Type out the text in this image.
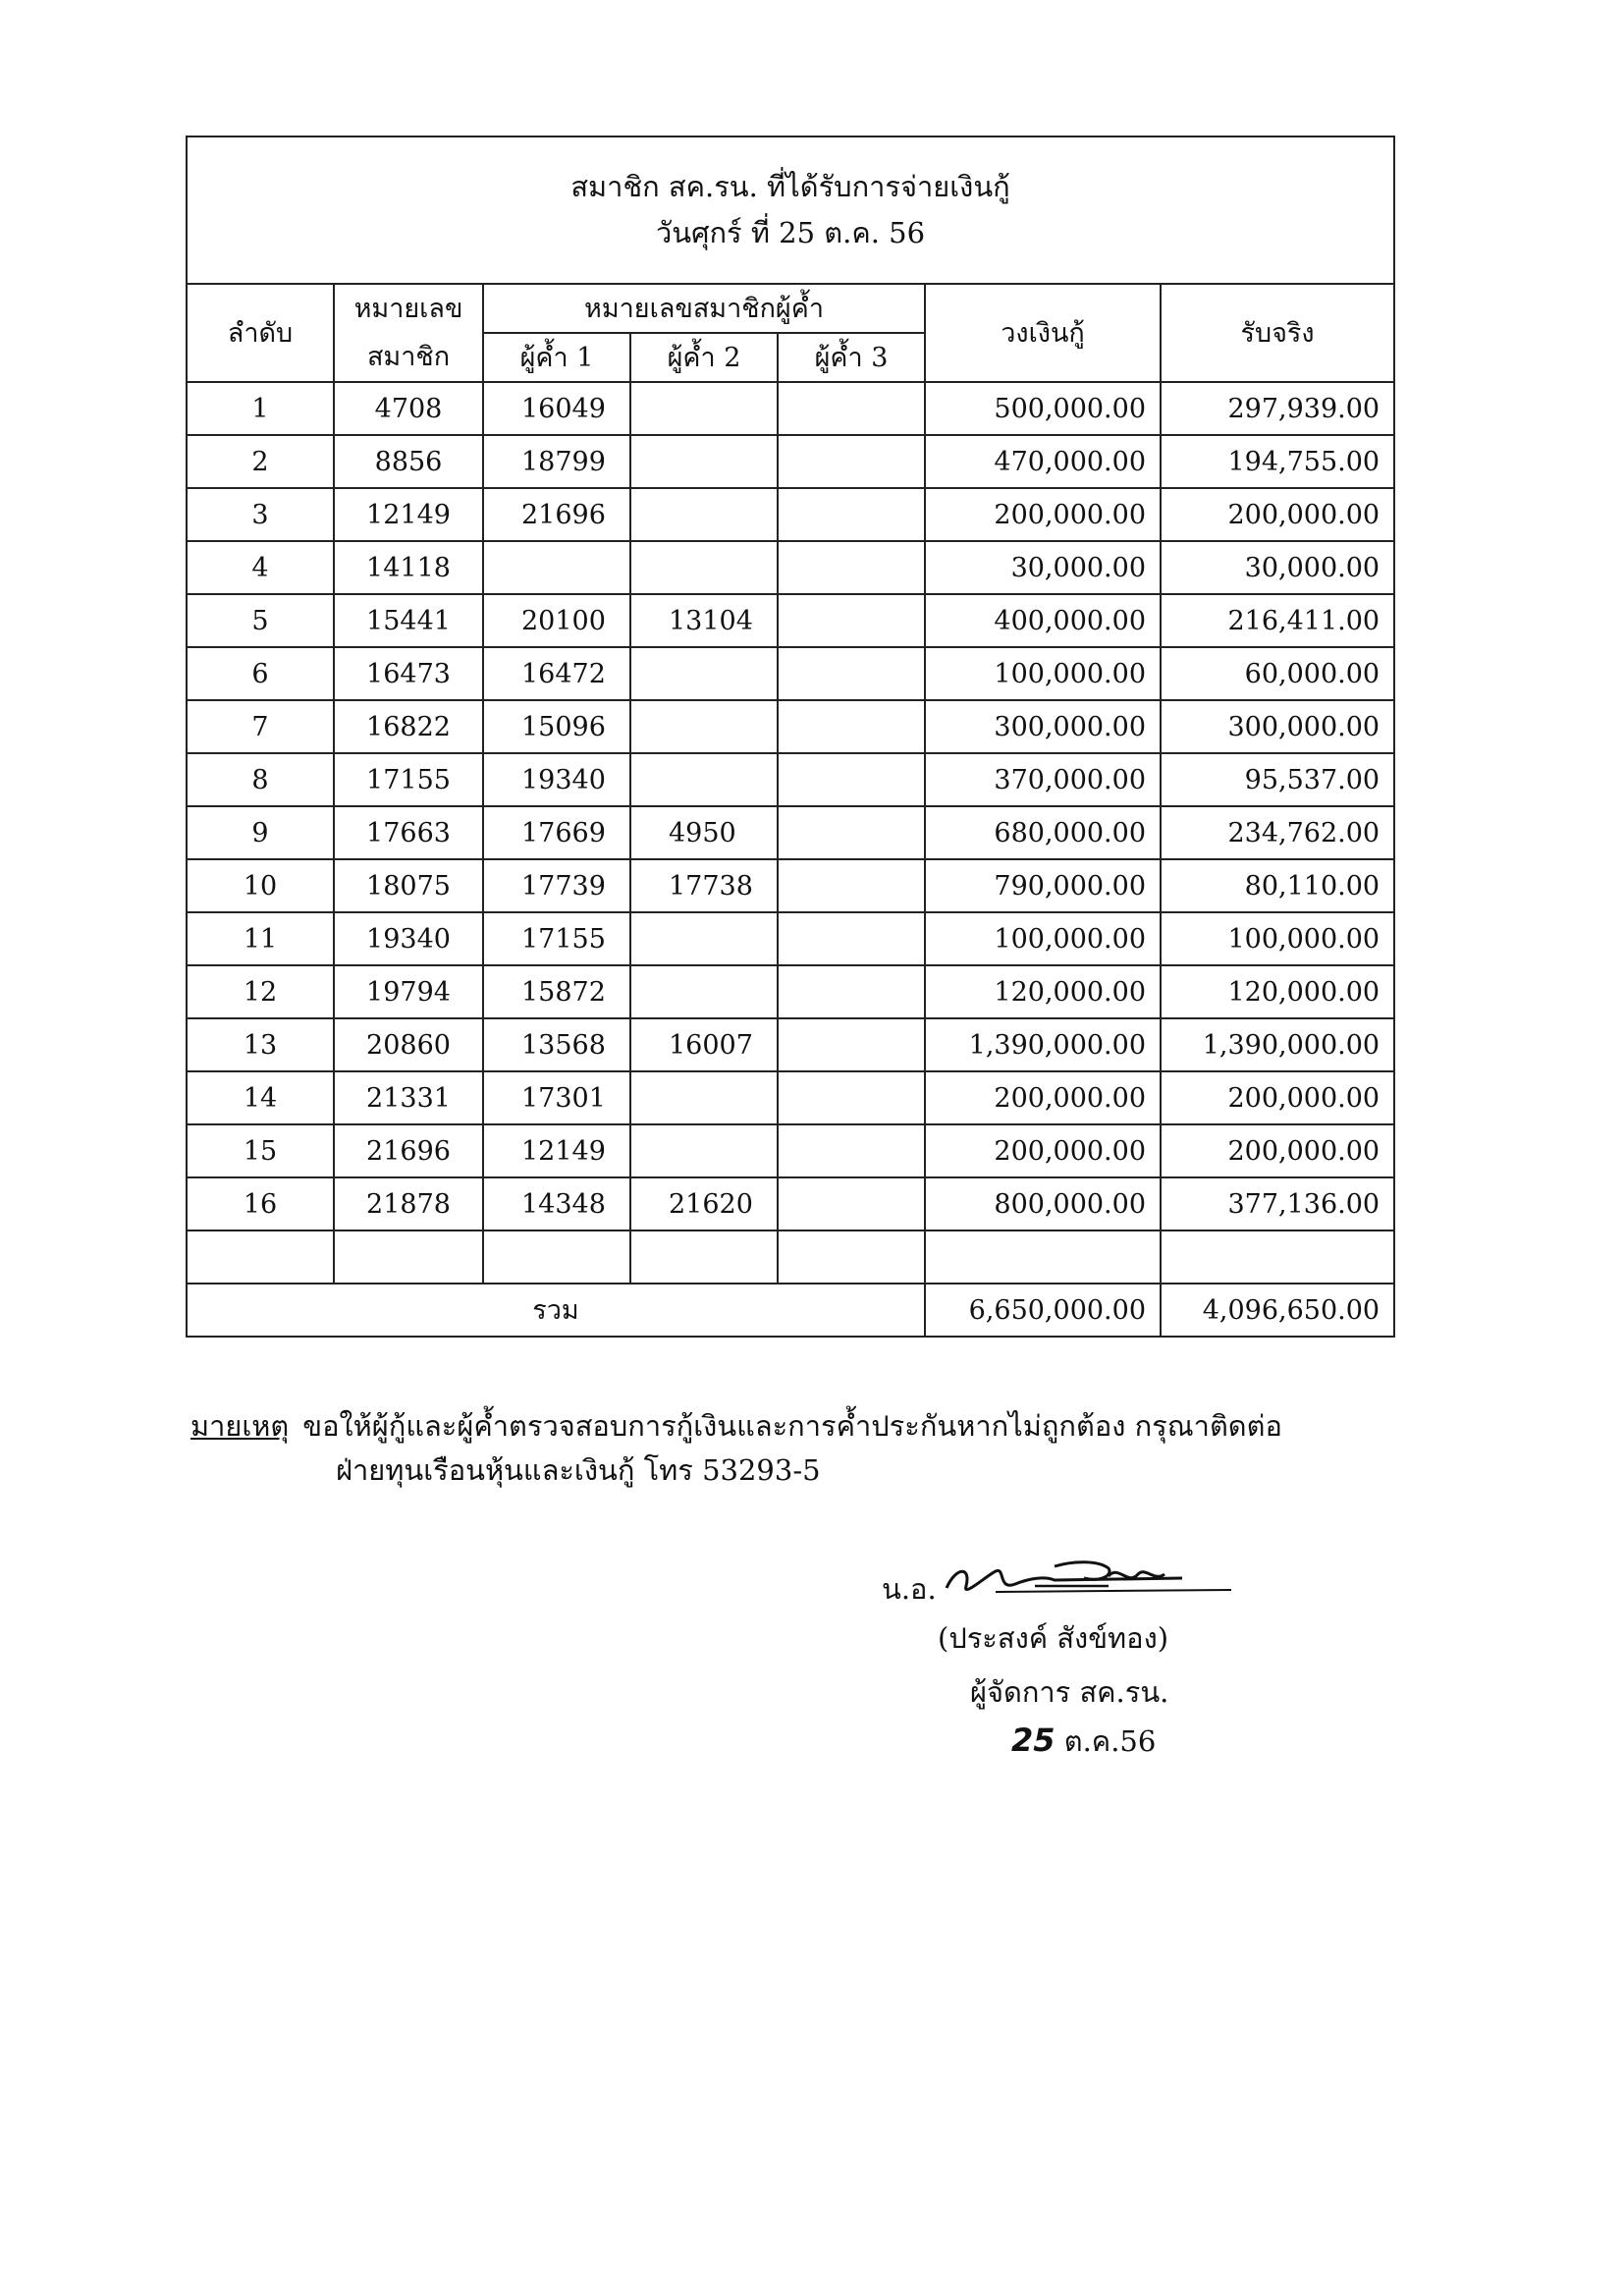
สมาชิก สค.รน. ที่ได้รับการจ่ายเงินกู้
วันศุกร์ ที่ 25 ต.ค. 56						

ลำดับ	หมายเลข	หมายเลขสมาชิกผู้ค้ำ			วงเงินกู้	รับจริง
	สมาชิก	ผู้ค้ำ 1	ผู้ค้ำ 2	ผู้ค้ำ 3		
1	4708	16049			500,000.00	297,939.00
2	8856	18799			470,000.00	194,755.00
3	12149	21696			200,000.00	200,000.00
4	14118				30,000.00	30,000.00
5	15441	20100	13104		400,000.00	216,411.00
6	16473	16472			100,000.00	60,000.00
7	16822	15096			300,000.00	300,000.00
8	17155	19340			370,000.00	95,537.00
9	17663	17669	4950		680,000.00	234,762.00
10	18075	17739	17738		790,000.00	80,110.00
11	19340	17155			100,000.00	100,000.00
12	19794	15872			120,000.00	120,000.00
13	20860	13568	16007		1,390,000.00	1,390,000.00
14	21331	17301			200,000.00	200,000.00
15	21696	12149			200,000.00	200,000.00
16	21878	14348	21620		800,000.00	377,136.00

รวม					6,650,000.00	4,096,650.00
มายเหตุ ขอให้ผู้กู้และผู้ค้ำตรวจสอบการกู้เงินและการค้ำประกันหากไม่ถูกต้อง กรุณาติดต่อ
ฝ่ายทุนเรือนหุ้นและเงินกู้ โทร 53293-5
น.อ.
(ประสงค์ สังข์ทอง)
ผู้จัดการ สค.รน.
25 ต.ค.56
